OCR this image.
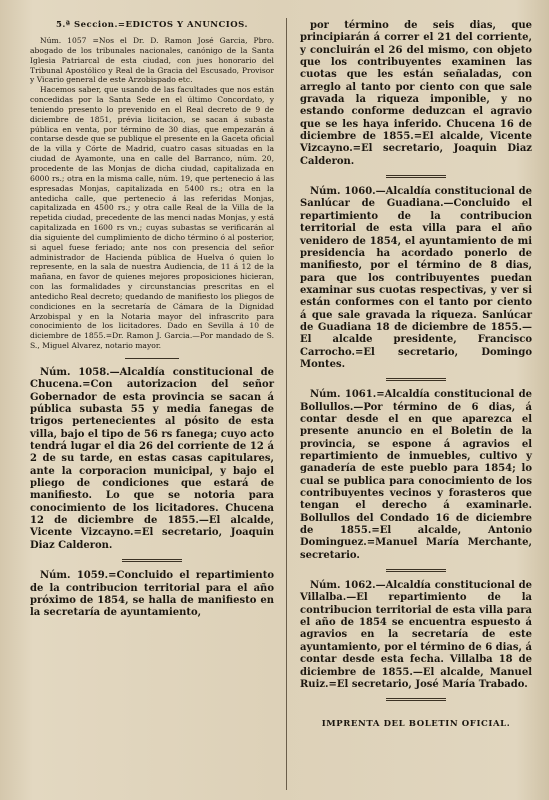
5.ª Seccion.=EDICTOS Y ANUNCIOS.

Núm. 1057 =Nos el Dr. D. Ramon José Garcia, Pbro. abogado de los tribunales nacionales, canónigo de la Santa Iglesia Patriarcal de esta ciudad, con jues honorario del Tribunal Apostólico y Real de la Gracia del Escusado, Provisor y Vicario general de este Arzobispado etc.

Hacemos saber, que usando de las facultades que nos están concedidas por la Santa Sede en el último Concordato, y teniendo presento lo prevenido en el Real decreto de 9 de diciembre de 1851, prévia licitacion, se sacan á subasta pública en venta, por término de 30 dias, que empezarán á contarse desde que se publique el presente en la Gaceta oficial de la villa y Córte de Madrid, cuatro casas situadas en la ciudad de Ayamonte, una en calle del Barranco, núm. 20, procedente de las Monjas de dicha ciudad, capitalizada en 6000 rs.; otra en la misma calle, núm. 19, que pertenecio á las espresadas Monjas, capitalizada en 5400 rs.; otra en la antedicha calle, que pertenecio á las referidas Monjas, capitalizada en 4500 rs.; y otra calle Real de la Villa de la repetida ciudad, precedente de las menci nadas Monjas, y está capitalizada en 1600 rs vn.; cuyas subastas se verificarán al dia siguiente del cumplimiento de dicho término ó al posterior, si aquel fuese feriado; ante nos con presencia del señor administrador de Hacienda pública de Huelva ó quien lo represente, en la sala de nuestra Audiencia, de 11 á 12 de la mañana, en favor de quienes mejores proposiciones hicieran, con las formalidades y circunstancias prescritas en el antedicho Real decreto; quedando de manifiesto los pliegos de condiciones en la secretaría de Cámara de la Dignidad Arzobispal y en la Notaria mayor del infrascrito para conocimiento de los licitadores. Dado en Sevilla á 10 de diciembre de 1855.=Dr. Ramon J. Garcia.—Por mandado de S. S., Miguel Alvarez, notario mayor.

Núm. 1058.—Alcaldía constitucional de Chucena.=Con autorizacion del señor Gobernador de esta provincia se sacan á pública subasta 55 y media fanegas de trigos pertenecientes al pósito de esta villa, bajo el tipo de 56 rs fanega; cuyo acto tendrá lugar el dia 26 del corriente de 12 á 2 de su tarde, en estas casas capitulares, ante la corporacion municipal, y bajo el pliego de condiciones que estará de manifiesto. Lo que se notoria para conocimiento de los licitadores. Chucena 12 de diciembre de 1855.—El alcalde, Vicente Vizcayno.=El secretario, Joaquin Diaz Calderon.

Núm. 1059.=Concluido el repartimiento de la contribucion territorial para el año próximo de 1854, se halla de manifiesto en la secretaría de ayuntamiento,

por término de seis dias, que principiarán á correr el 21 del corriente, y concluirán el 26 del mismo, con objeto que los contribuyentes examinen las cuotas que les están señaladas, con arreglo al tanto por ciento con que sale gravada la riqueza imponible, y no estando conforme deduzcan el agravio que se les haya inferido. Chucena 16 de diciembre de 1855.=El alcalde, Vicente Vizcayno.=El secretario, Joaquin Diaz Calderon.

Núm. 1060.—Alcaldía constitucional de Sanlúcar de Guadiana.—Concluido el repartimiento de la contribucion territorial de esta villa para el año venidero de 1854, el ayuntamiento de mi presidencia ha acordado ponerlo de manifiesto, por el término de 8 dias, para que los contribuyentes puedan examinar sus cuotas respectivas, y ver si están conformes con el tanto por ciento á que sale gravada la riqueza. Sanlúcar de Guadiana 18 de diciembre de 1855.—El alcalde presidente, Francisco Carrocho.=El secretario, Domingo Montes.

Núm. 1061.=Alcaldía constitucional de Bollullos.—Por término de 6 dias, á contar desde el en que aparezca el presente anuncio en el Boletin de la provincia, se espone á agravios el repartimiento de inmuebles, cultivo y ganadería de este pueblo para 1854; lo cual se publica para conocimiento de los contribuyentes vecinos y forasteros que tengan el derecho á examinarle. Bollullos del Condado 16 de diciembre de 1855.=El alcalde, Antonio Dominguez.=Manuel María Merchante, secretario.

Núm. 1062.—Alcaldía constitucional de Villalba.—El repartimiento de la contribucion territorial de esta villa para el año de 1854 se encuentra espuesto á agravios en la secretaría de este ayuntamiento, por el término de 6 dias, á contar desde esta fecha. Villalba 18 de diciembre de 1855.—El alcalde, Manuel Ruiz.=El secretario, José María Trabado.

IMPRENTA DEL BOLETIN OFICIAL.
